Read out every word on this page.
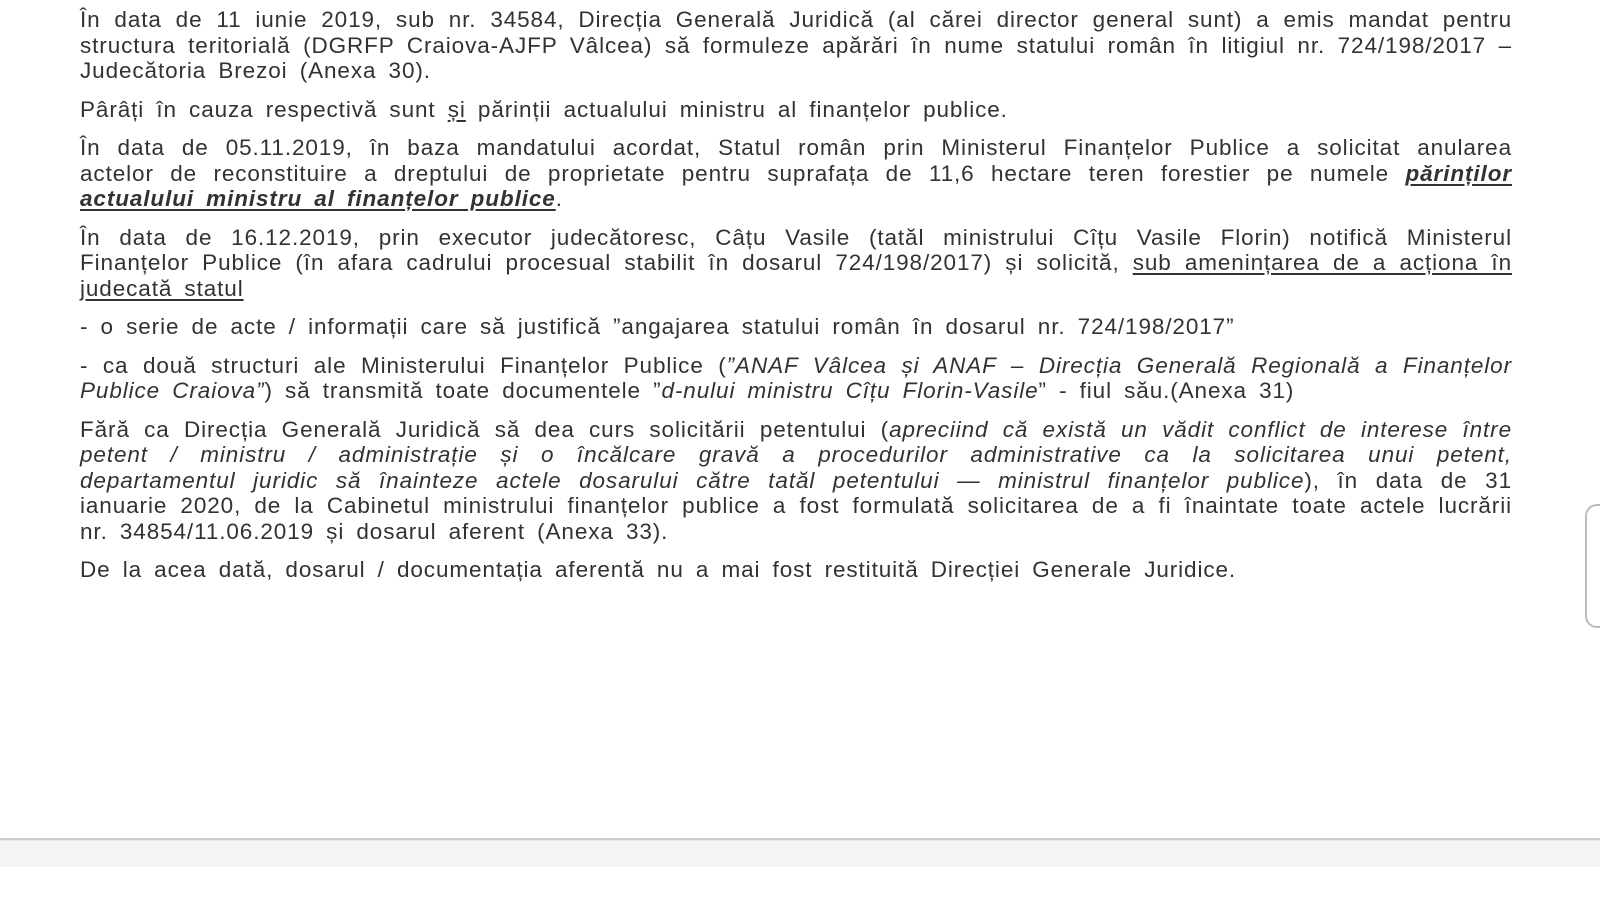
În data de 11 iunie 2019, sub nr. 34584, Direcția Generală Juridică (al cărei director general sunt) a emis mandat pentru structura teritorială (DGRFP Craiova-AJFP Vâlcea) să formuleze apărări în nume statului român în litigiul nr. 724/198/2017 – Judecătoria Brezoi (Anexa 30).

Pârâți în cauza respectivă sunt și părinții actualului ministru al finanțelor publice.

În data de 05.11.2019, în baza mandatului acordat, Statul român prin Ministerul Finanțelor Publice a solicitat anularea actelor de reconstituire a dreptului de proprietate pentru suprafața de 11,6 hectare teren forestier pe numele părinților actualului ministru al finanțelor publice.

În data de 16.12.2019, prin executor judecătoresc, Câțu Vasile (tatăl ministrului Cîțu Vasile Florin) notifică Ministerul Finanțelor Publice (în afara cadrului procesual stabilit în dosarul 724/198/2017) și solicită, sub amenințarea de a acționa în judecată statul

- o serie de acte / informații care să justifică ”angajarea statului român în dosarul nr. 724/198/2017”

- ca două structuri ale Ministerului Finanțelor Publice (”ANAF Vâlcea și ANAF – Direcția Generală Regională a Finanțelor Publice Craiova”) să transmită toate documentele ”d-nului ministru Cîțu Florin-Vasile” - fiul său.(Anexa 31)

Fără ca Direcția Generală Juridică să dea curs solicitării petentului (apreciind că există un vădit conflict de interese între petent / ministru / administrație și o încălcare gravă a procedurilor administrative ca la solicitarea unui petent, departamentul juridic să înainteze actele dosarului către tatăl petentului — ministrul finanțelor publice), în data de 31 ianuarie 2020, de la Cabinetul ministrului finanțelor publice a fost formulată solicitarea de a fi înaintate toate actele lucrării nr. 34854/11.06.2019 și dosarul aferent (Anexa 33).

De la acea dată, dosarul / documentația aferentă nu a mai fost restituită Direcției Generale Juridice.
